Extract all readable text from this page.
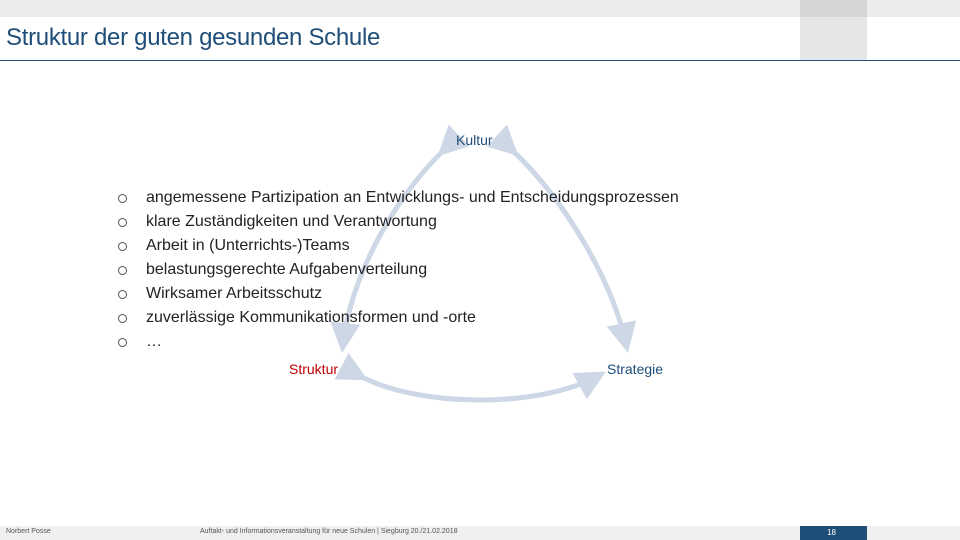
Struktur der guten gesunden Schule
Kultur
Struktur	Strategie
angemessene Partizipation an Entwicklungs- und Entscheidungsprozessen
klare Zuständigkeiten und Verantwortung
Arbeit in (Unterrichts-)Teams
belastungsgerechte Aufgabenverteilung
Wirksamer Arbeitsschutz
zuverlässige Kommunikationsformen und -orte
…
Norbert Posse	Auftakt- und Informationsveranstaltung für neue Schulen | Siegburg 20./21.02.2018	18
